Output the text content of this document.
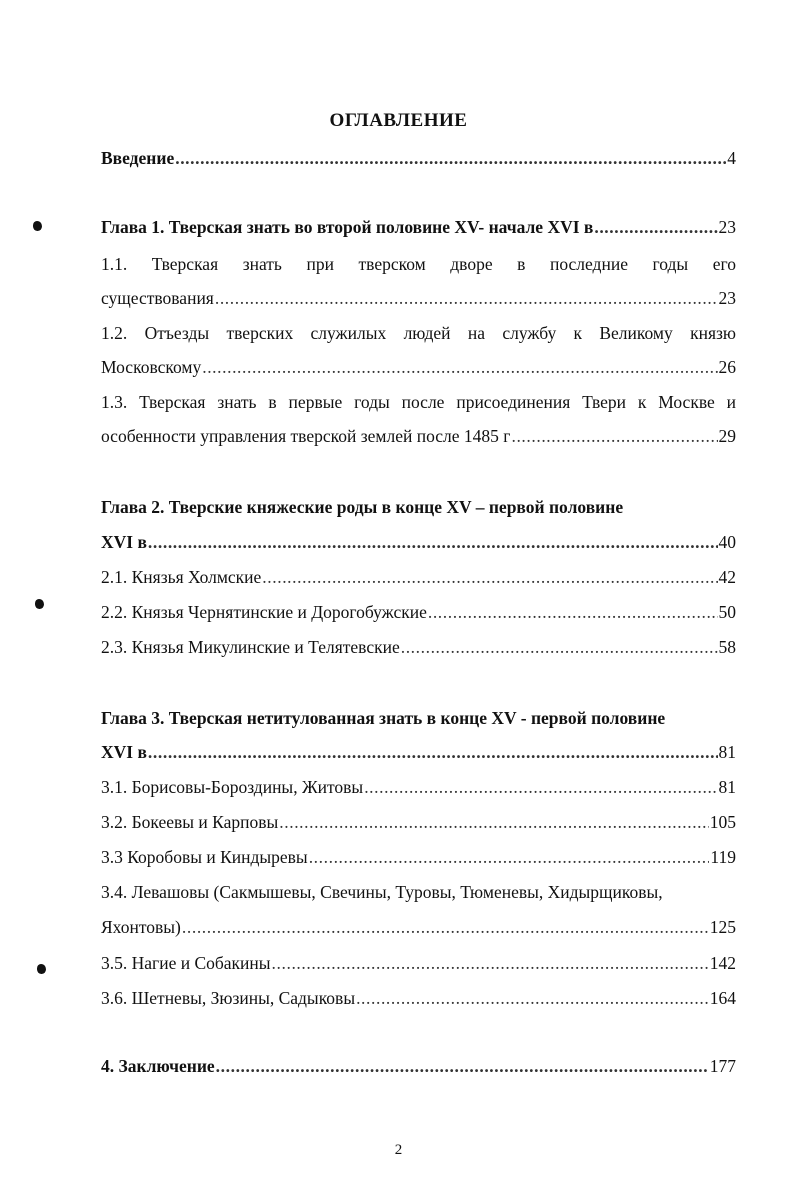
ОГЛАВЛЕНИЕ
Введение .....	4
Глава 1. Тверская знать во второй половине XV- начале XVI в .....	23
1.1. Тверская знать при тверском дворе в последние годы его
существования .....	23
1.2. Отъезды тверских служилых людей на службу к Великому князю
Московскому .....	26
1.3. Тверская знать в первые годы после присоединения Твери к Москве и
особенности управления тверской землей после 1485 г .....	29
Глава 2. Тверские княжеские роды в конце XV – первой половине
XVI в .....	40
2.1. Князья Холмские .....	42
2.2. Князья Чернятинские и Дорогобужские .....	50
2.3. Князья Микулинские и Телятевские .....	58
Глава 3. Тверская нетитулованная знать в конце XV - первой половине
XVI в .....	81
3.1. Борисовы-Бороздины, Житовы .....	81
3.2. Бокеевы и Карповы .....	105
3.3 Коробовы и Киндыревы .....	119
3.4. Левашовы (Сакмышевы, Свечины, Туровы, Тюменевы, Хидырщиковы,
Яхонтовы) .....	125
3.5. Нагие и Собакины .....	142
3.6. Шетневы, Зюзины, Садыковы .....	164
4. Заключение .....	177
2
